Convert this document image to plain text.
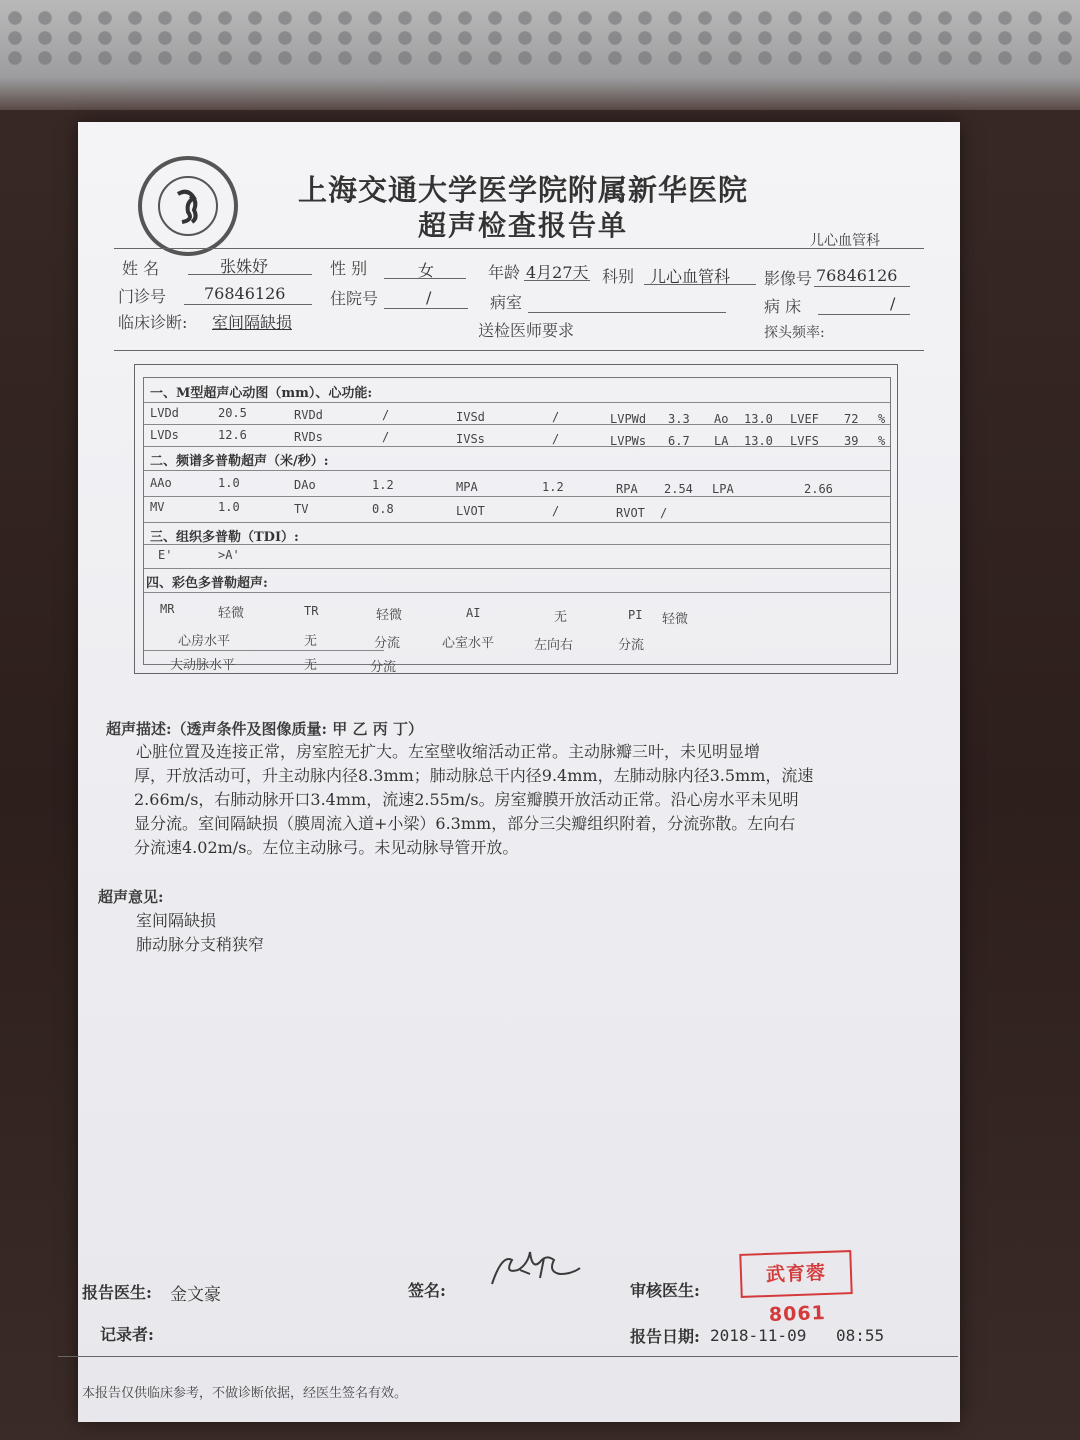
上海交通大学医学院附属新华医院
超声检查报告单	儿心血管科
姓 名	张姝妤	性 别	女	年龄 4月27天 科别 儿心血管科 影像号 76846126
门诊号 76846126	住院号	/	病室	病 床	/
临床诊断: 室间隔缺损	送检医师要求	探头频率:
一、M型超声心动图（mm）、心功能:
LVDd	20.5	RVDd	/	IVSd	/	LVPWd 3.3 Ao 13.0 LVEF 72 %
LVDs	12.6	RVDs	/	IVSs	/	LVPWs 6.7 LA 13.0 LVFS 39 %
二、频谱多普勒超声（米/秒）:
AAo	1.0	DAo	1.2	MPA	1.2	RPA 2.54 LPA	2.66
MV	1.0	TV	0.8	LVOT	/	RVOT /
三、组织多普勒（TDI）:
E'	>A'
四、彩色多普勒超声:
MR	轻微	TR	轻微	AI	无	PI 轻微
心房水平	无	分流	心室水平	左向右	分流
大动脉水平	无	分流
超声描述:（透声条件及图像质量: 甲 乙 丙 丁）
心脏位置及连接正常，房室腔无扩大。左室壁收缩活动正常。主动脉瓣三叶，未见明显增
厚，开放活动可，升主动脉内径8.3mm；肺动脉总干内径9.4mm，左肺动脉内径3.5mm，流速
2.66m/s，右肺动脉开口3.4mm，流速2.55m/s。房室瓣膜开放活动正常。沿心房水平未见明
显分流。室间隔缺损（膜周流入道+小梁）6.3mm，部分三尖瓣组织附着，分流弥散。左向右
分流速4.02m/s。左位主动脉弓。未见动脉导管开放。
超声意见:
室间隔缺损
肺动脉分支稍狭窄
报告医生: 金文豪	签名:	审核医生:
武育蓉8061
记录者:	报告日期: 2018-11-09 08:55
本报告仅供临床参考，不做诊断依据，经医生签名有效。
